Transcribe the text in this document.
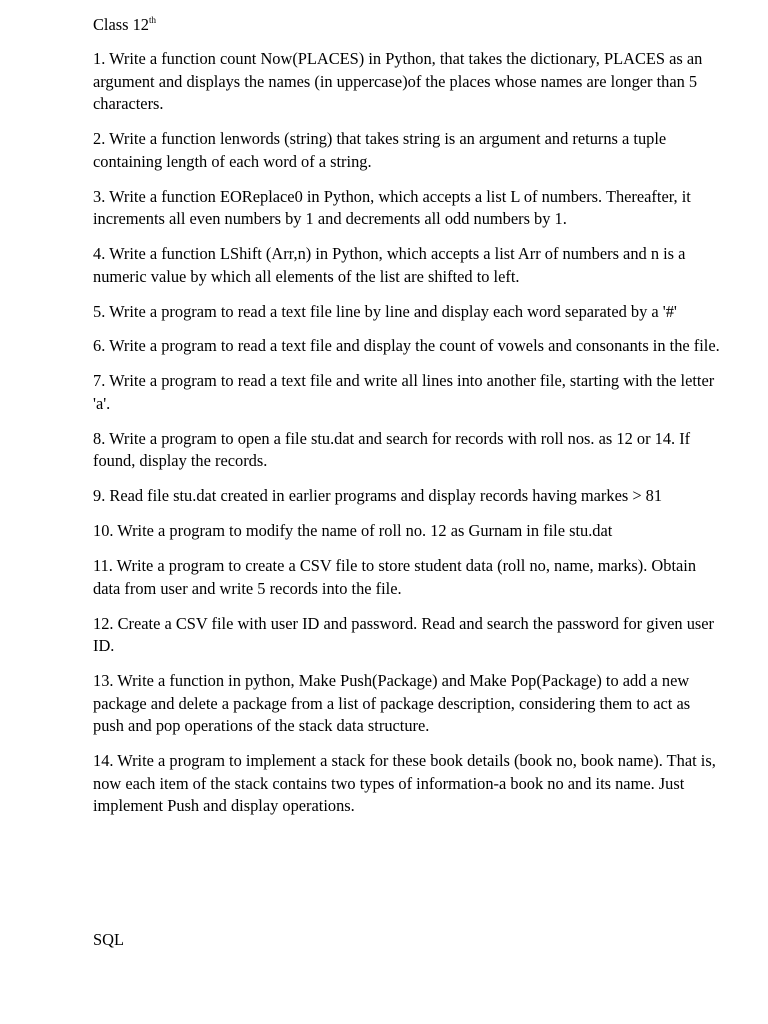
Class 12th

1. Write a function count Now(PLACES) in Python, that takes the dictionary, PLACES as an argument and displays the names (in uppercase)of the places whose names are longer than 5 characters.

2. Write a function lenwords (string) that takes string is an argument and returns a tuple containing length of each word of a string.

3. Write a function EOReplace0 in Python, which accepts a list L of numbers. Thereafter, it increments all even numbers by 1 and decrements all odd numbers by 1.

4. Write a function LShift (Arr,n) in Python, which accepts a list Arr of numbers and n is a numeric value by which all elements of the list are shifted to left.

5. Write a program to read a text file line by line and display each word separated by a '#'

6. Write a program to read a text file and display the count of vowels and consonants in the file.

7. Write a program to read a text file and write all lines into another file, starting with the letter 'a'.

8. Write a program to open a file stu.dat and search for records with roll nos. as 12 or 14. If found, display the records.

9. Read file stu.dat created in earlier programs and display records having markes > 81

10. Write a program to modify the name of roll no. 12 as Gurnam in file stu.dat

11. Write a program to create a CSV file to store student data (roll no, name, marks). Obtain data from user and write 5 records into the file.

12. Create a CSV file with user ID and password. Read and search the password for given user ID.

13. Write a function in python, Make Push(Package) and Make Pop(Package) to add a new package and delete a package from a list of package description, considering them to act as push and pop operations of the stack data structure.

14. Write a program to implement a stack for these book details (book no, book name). That is, now each item of the stack contains two types of information-a book no and its name. Just implement Push and display operations.

SQL
